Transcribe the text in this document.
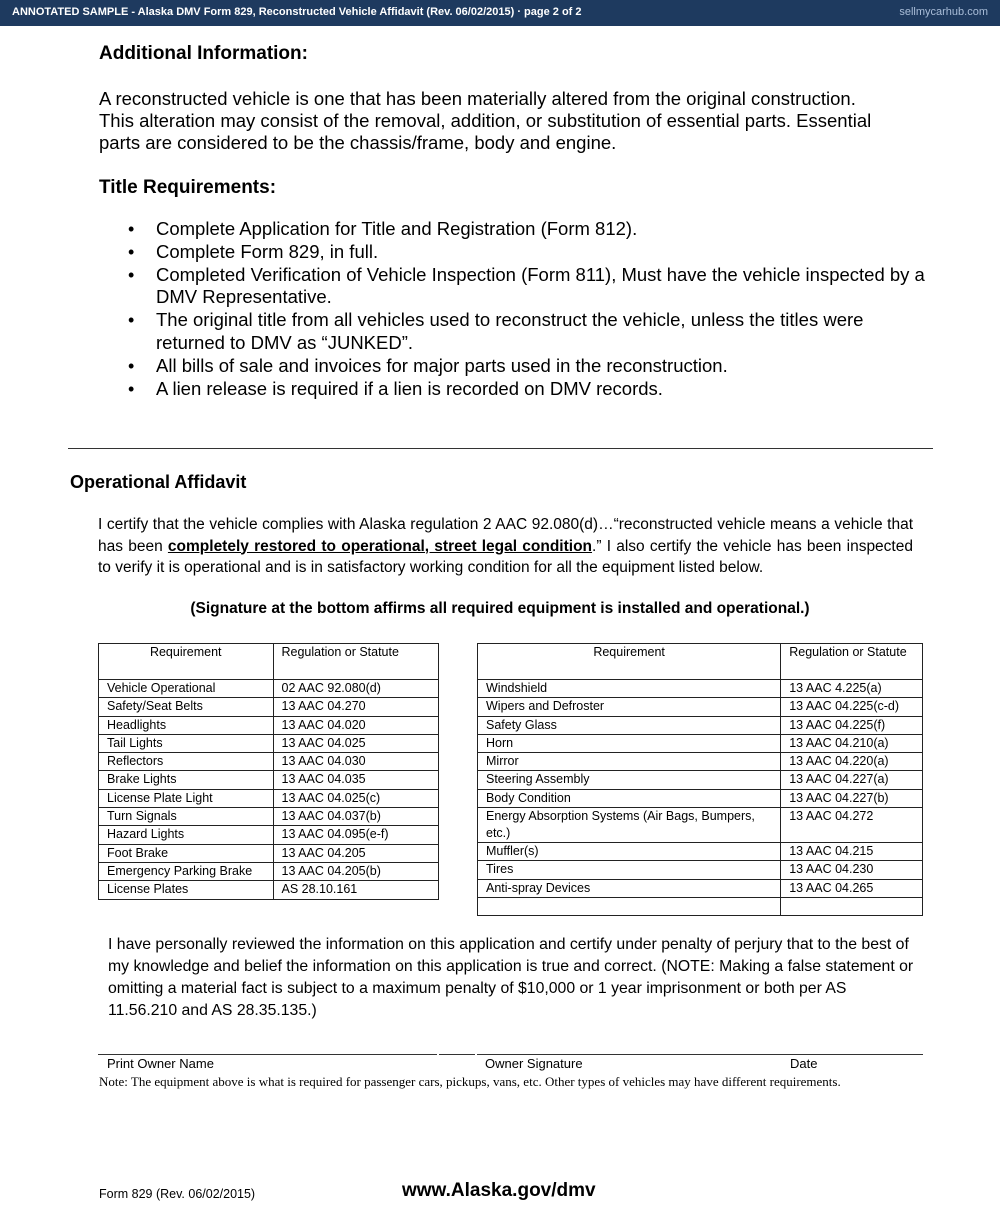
ANNOTATED SAMPLE - Alaska DMV Form 829, Reconstructed Vehicle Affidavit (Rev. 06/02/2015) · page 2 of 2	sellmycarhub.com
Additional Information:
A reconstructed vehicle is one that has been materially altered from the original construction.
This alteration may consist of the removal, addition, or substitution of essential parts. Essential
parts are considered to be the chassis/frame, body and engine.
Title Requirements:
• Complete Application for Title and Registration (Form 812).
• Complete Form 829, in full.
• Completed Verification of Vehicle Inspection (Form 811), Must have the vehicle inspected by a DMV Representative.
• The original title from all vehicles used to reconstruct the vehicle, unless the titles were returned to DMV as “JUNKED”.
• All bills of sale and invoices for major parts used in the reconstruction.
• A lien release is required if a lien is recorded on DMV records.
Operational Affidavit
I certify that the vehicle complies with Alaska regulation 2 AAC 92.080(d)…“reconstructed vehicle means a vehicle that has been completely restored to operational, street legal condition.” I also certify the vehicle has been inspected to verify it is operational and is in satisfactory working condition for all the equipment listed below.
(Signature at the bottom affirms all required equipment is installed and operational.)
Requirement	Regulation or Statute
Vehicle Operational	02 AAC 92.080(d)
Safety/Seat Belts	13 AAC 04.270
Headlights	13 AAC 04.020
Tail Lights	13 AAC 04.025
Reflectors	13 AAC 04.030
Brake Lights	13 AAC 04.035
License Plate Light	13 AAC 04.025(c)
Turn Signals	13 AAC 04.037(b)
Hazard Lights	13 AAC 04.095(e-f)
Foot Brake	13 AAC 04.205
Emergency Parking Brake	13 AAC 04.205(b)
License Plates	AS 28.10.161
Requirement	Regulation or Statute
Windshield	13 AAC 4.225(a)
Wipers and Defroster	13 AAC 04.225(c-d)
Safety Glass	13 AAC 04.225(f)
Horn	13 AAC 04.210(a)
Mirror	13 AAC 04.220(a)
Steering Assembly	13 AAC 04.227(a)
Body Condition	13 AAC 04.227(b)
Energy Absorption Systems (Air Bags, Bumpers, etc.)	13 AAC 04.272
Muffler(s)	13 AAC 04.215
Tires	13 AAC 04.230
Anti-spray Devices	13 AAC 04.265

I have personally reviewed the information on this application and certify under penalty of perjury that to the best of my knowledge and belief the information on this application is true and correct. (NOTE: Making a false statement or omitting a material fact is subject to a maximum penalty of $10,000 or 1 year imprisonment or both per AS 11.56.210 and AS 28.35.135.)
Print Owner Name	Owner Signature	Date
Note: The equipment above is what is required for passenger cars, pickups, vans, etc. Other types of vehicles may have different requirements.
Form 829 (Rev. 06/02/2015)	www.Alaska.gov/dmv
